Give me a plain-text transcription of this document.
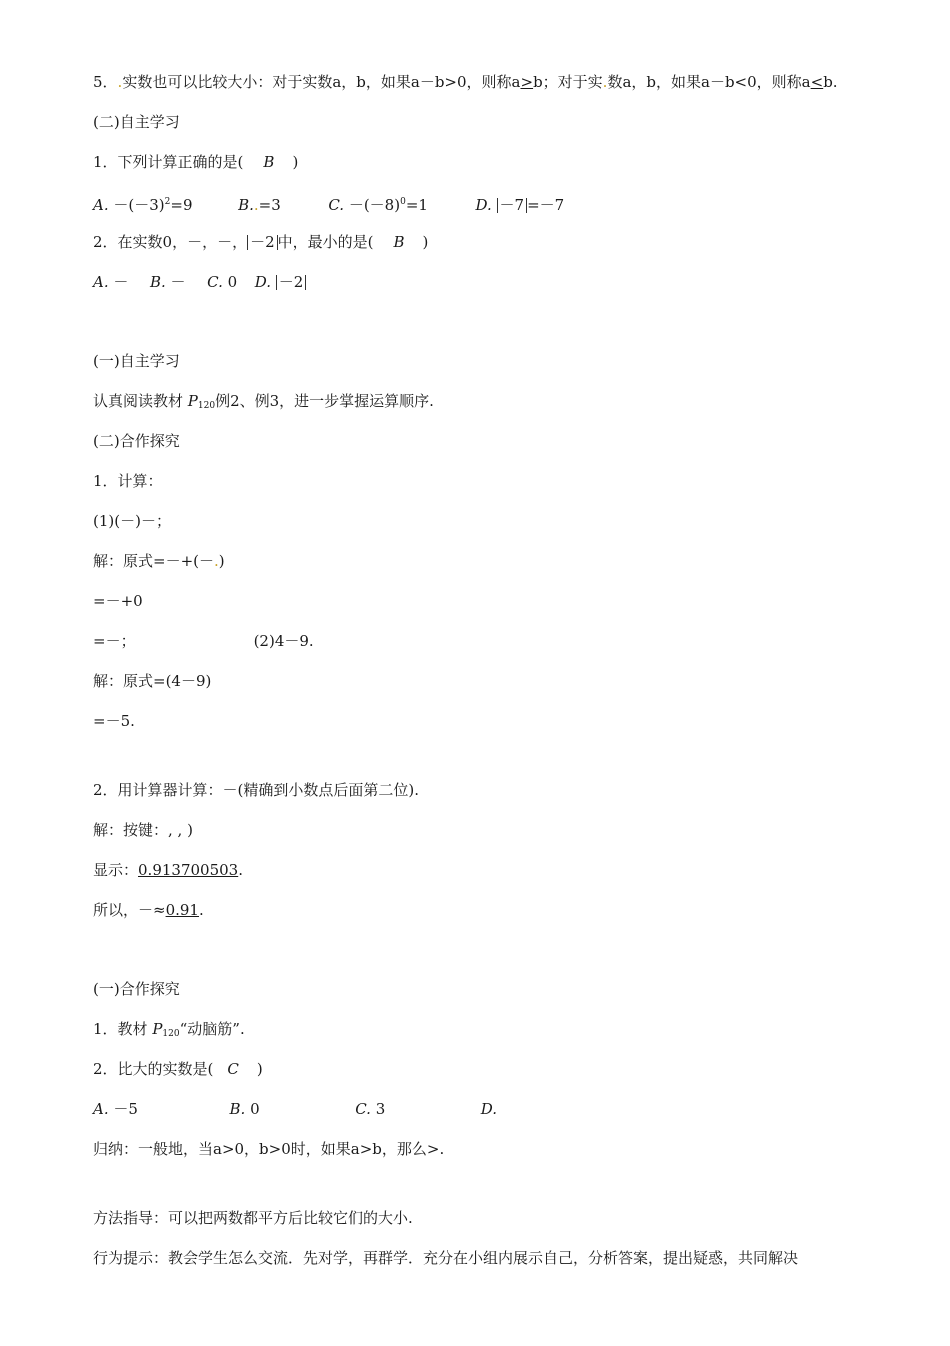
5．.实数也可以比较大小：对于实数a，b，如果a－b>0，则称a>b；对于实.数a，b，如果a－b<0，则称a<b.
(二)自主学习
1．下列计算正确的是( B )
A. $-(-3)^2=9$	B..=3	C. $-(-8)^0=1$	D. －7 =－7
2．在实数0，－，－， －2 中，最小的是( B )
A. － B. － C. 0 D. －2
(一)自主学习
认真阅读教材 $P_{120}$例2、例3，进一步掌握运算顺序.
(二)合作探究
1．计算：
(1)(－)－；
解：原式=－+(－.)
=－+0
=－；	(2)4－9.
解：原式=(4－9)
=－5.
2．用计算器计算：－(精确到小数点后面第二位).
解：按键：, , )
显示：0.913700503.
所以，－≈0.91.
(一)合作探究
1．教材 $P_{120}“$动脑筋”.
2．比大的实数是( C )
A. －5	B. 0	C. 3	D.
归纳：一般地，当a>0，b>0时，如果a>b，那么>.
方法指导：可以把两数都平方后比较它们的大小.
行为提示：教会学生怎么交流．先对学，再群学．充分在小组内展示自己，分析答案，提出疑惑，共同解决
